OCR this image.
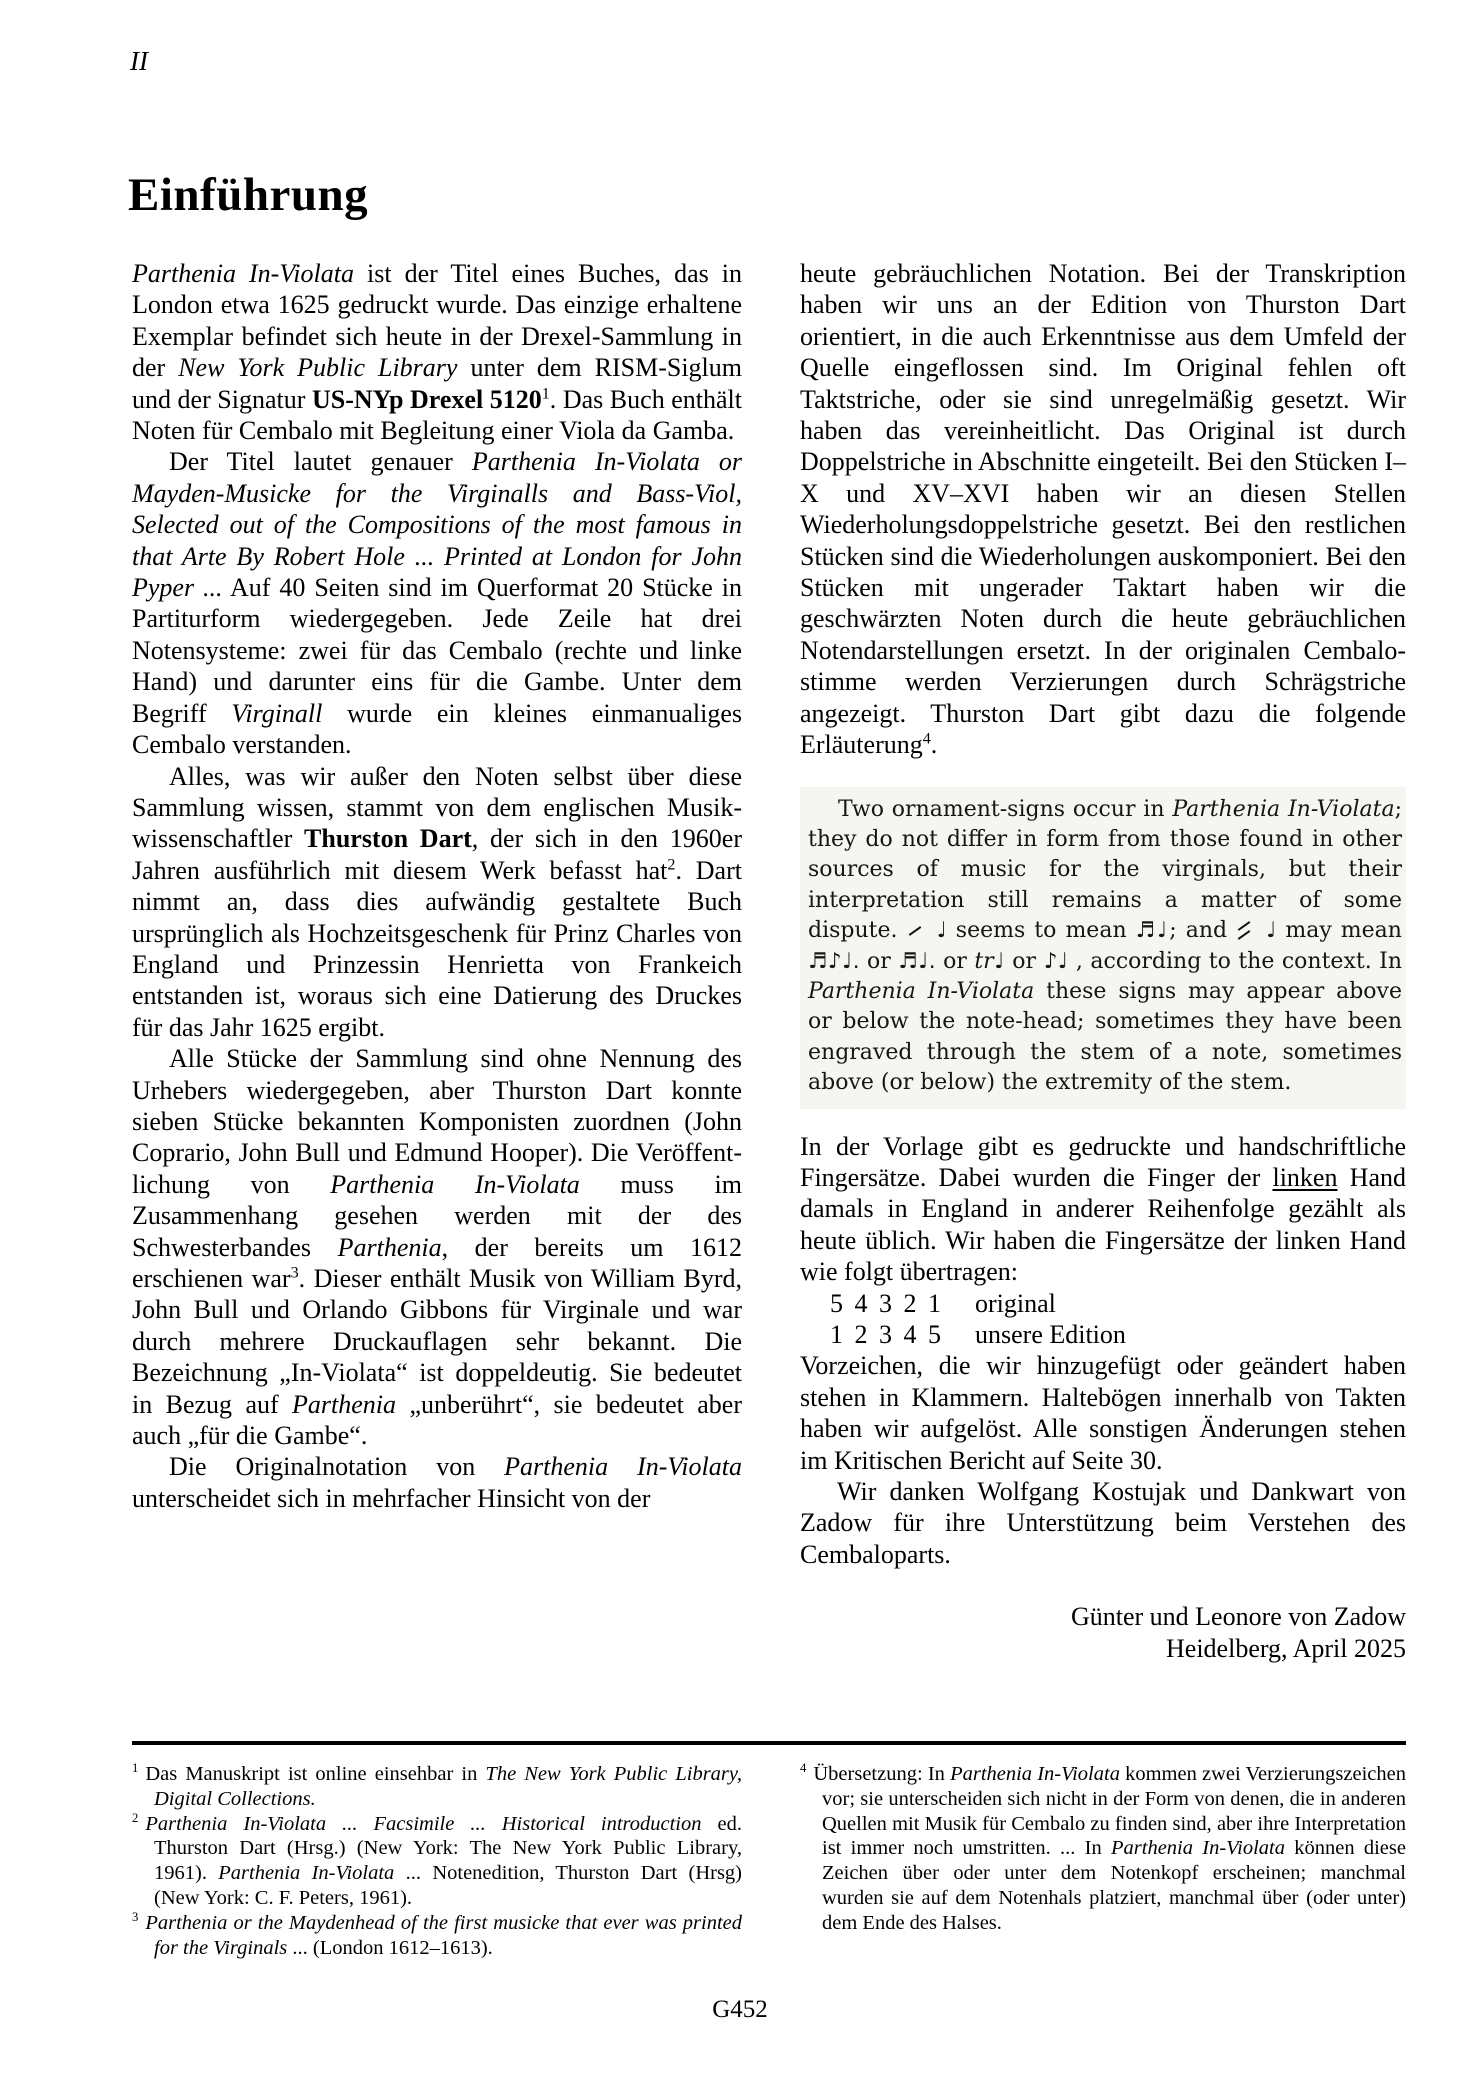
II
Einführung

Parthenia In-Violata ist der Titel eines Buches, das in London etwa 1625 gedruckt wurde. Das einzige erhaltene Exemplar befindet sich heute in der Drexel-Sammlung in der New York Public Library unter dem RISM-Siglum und der Signatur US-NYp Drexel 5120$^1$. Das Buch enthält Noten für Cembalo mit Begleitung einer Viola da Gamba.

Der Titel lautet genauer Parthenia In-Violata or Mayden-Musicke for the Virginalls and Bass-Viol, Selected out of the Compositions of the most famous in that Arte By Robert Hole ... Printed at London for John Pyper ... Auf 40 Seiten sind im Querformat 20 Stücke in Partiturform wiedergegeben. Jede Zeile hat drei Notensysteme: zwei für das Cembalo (rechte und linke Hand) und darunter eins für die Gambe. Unter dem Begriff Virginall wurde ein kleines einmanualiges Cembalo verstanden.

Alles, was wir außer den Noten selbst über diese Sammlung wissen, stammt von dem englischen Musikwissenschaftler Thurston Dart, der sich in den 1960er Jahren ausführlich mit diesem Werk befasst hat$^2$. Dart nimmt an, dass dies aufwändig gestaltete Buch ursprünglich als Hochzeitsgeschenk für Prinz Charles von England und Prinzessin Henrietta von Frankeich entstanden ist, woraus sich eine Datierung des Druckes für das Jahr 1625 ergibt.

Alle Stücke der Sammlung sind ohne Nennung des Urhebers wiedergegeben, aber Thurston Dart konnte sieben Stücke bekannten Komponisten zuordnen (John Coprario, John Bull und Edmund Hooper). Die Veröffentlichung von Parthenia In-Violata muss im Zusammenhang gesehen werden mit der des Schwesterbandes Parthenia, der bereits um 1612 erschienen war$^3$. Dieser enthält Musik von William Byrd, John Bull und Orlando Gibbons für Virginale und war durch mehrere Druckauflagen sehr bekannt. Die Bezeichnung „In-Violata“ ist doppeldeutig. Sie bedeutet in Bezug auf Parthenia „unberührt“, sie bedeutet aber auch „für die Gambe“.

Die Originalnotation von Parthenia In-Violata unterscheidet sich in mehrfacher Hinsicht von der

heute gebräuchlichen Notation. Bei der Transkription haben wir uns an der Edition von Thurston Dart orientiert, in die auch Erkenntnisse aus dem Umfeld der Quelle eingeflossen sind. Im Original fehlen oft Taktstriche, oder sie sind unregelmäßig gesetzt. Wir haben das vereinheitlicht. Das Original ist durch Doppelstriche in Abschnitte eingeteilt. Bei den Stücken I–X und XV–XVI haben wir an diesen Stellen Wiederholungsdoppelstriche gesetzt. Bei den restlichen Stücken sind die Wiederholungen auskomponiert. Bei den Stücken mit ungerader Taktart haben wir die geschwärzten Noten durch die heute gebräuchlichen Notendarstellungen ersetzt. In der originalen Cembalostimme werden Verzierungen durch Schrägstriche angezeigt. Thurston Dart gibt dazu die folgende Erläuterung$^4$.

Two ornament-signs occur in Parthenia In-Violata; they do not differ in form from those found in other sources of music for the virginals, but their interpretation still remains a matter of some dispute. ♩ seems to mean ♬♩; and ♩ may mean ♬♪♩. or ♬♩. or tr♩ or ♪♩ , according to the context. In Parthenia In-Violata these signs may appear above or below the note-head; sometimes they have been engraved through the stem of a note, sometimes above (or below) the extremity of the stem.

In der Vorlage gibt es gedruckte und handschriftliche Fingersätze. Dabei wurden die Finger der linken Hand damals in England in anderer Reihenfolge gezählt als heute üblich. Wir haben die Fingersätze der linken Hand wie folgt übertragen:

5 4 3 2 1 original
1 2 3 4 5 unsere Edition

Vorzeichen, die wir hinzugefügt oder geändert haben stehen in Klammern. Haltebögen innerhalb von Takten haben wir aufgelöst. Alle sonstigen Änderungen stehen im Kritischen Bericht auf Seite 30.

Wir danken Wolfgang Kostujak und Dankwart von Zadow für ihre Unterstützung beim Verstehen des Cembaloparts.

Günter und Leonore von Zadow
Heidelberg, April 2025

$^1$ Das Manuskript ist online einsehbar in The New York Public Library, Digital Collections.

$^2$ Parthenia In-Violata ... Facsimile ... Historical introduction ed. Thurston Dart (Hrsg.) (New York: The New York Public Library, 1961). Parthenia In-Violata ... Notenedition, Thurston Dart (Hrsg) (New York: C. F. Peters, 1961).

$^3$ Parthenia or the Maydenhead of the first musicke that ever was printed for the Virginals ... (London 1612–1613).

$^4$ Übersetzung: In Parthenia In-Violata kommen zwei Verzierungszeichen vor; sie unterscheiden sich nicht in der Form von denen, die in anderen Quellen mit Musik für Cembalo zu finden sind, aber ihre Interpretation ist immer noch umstritten. ... In Parthenia In-Violata können diese Zeichen über oder unter dem Notenkopf erscheinen; manchmal wurden sie auf dem Notenhals platziert, manchmal über (oder unter) dem Ende des Halses.

G452
